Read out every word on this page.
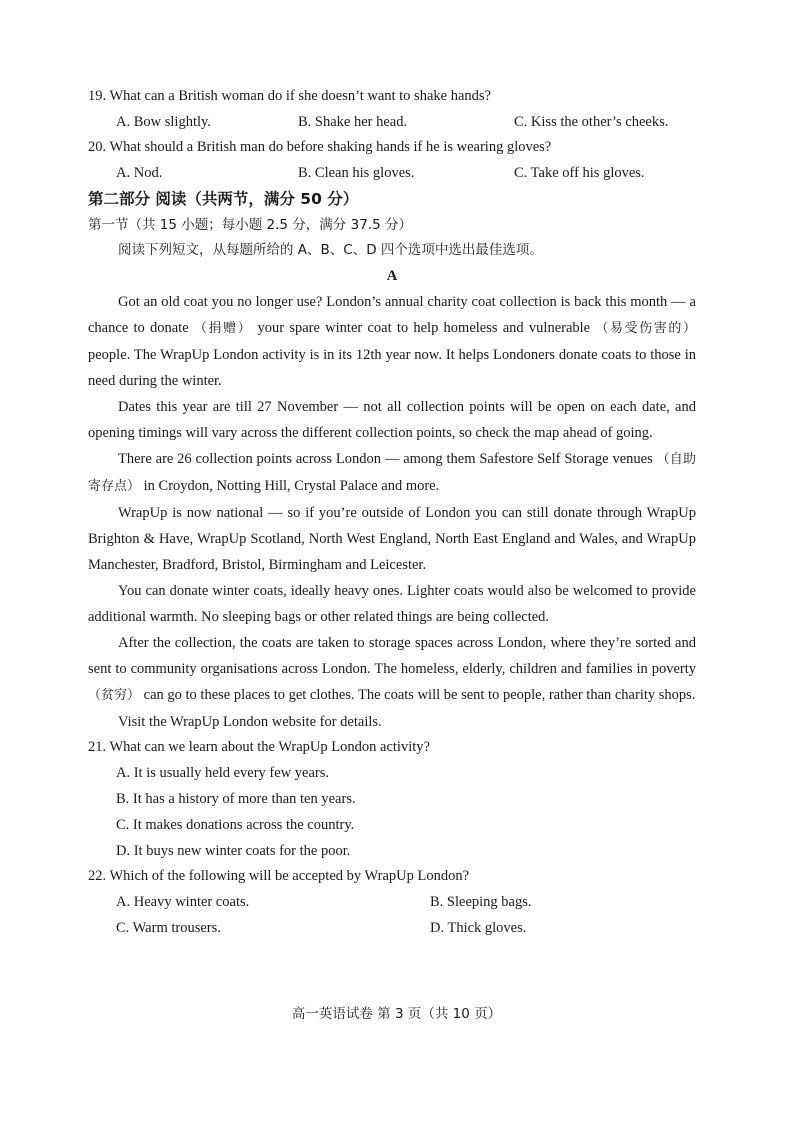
19. What can a British woman do if she doesn’t want to shake hands?
A. Bow slightly.	B. Shake her head.	C. Kiss the other’s cheeks.
20. What should a British man do before shaking hands if he is wearing gloves?
A. Nod.	B. Clean his gloves.	C. Take off his gloves.
第二部分 阅读（共两节，满分 50 分）
第一节（共 15 小题；每小题 2.5 分，满分 37.5 分）
阅读下列短文，从每题所给的 A、B、C、D 四个选项中选出最佳选项。
A

Got an old coat you no longer use? London’s annual charity coat collection is back this month — a chance to donate （捐赠） your spare winter coat to help homeless and vulnerable （易受伤害的） people. The WrapUp London activity is in its 12th year now. It helps Londoners donate coats to those in need during the winter.

Dates this year are till 27 November — not all collection points will be open on each date, and opening timings will vary across the different collection points, so check the map ahead of going.

There are 26 collection points across London — among them Safestore Self Storage venues （自助寄存点） in Croydon, Notting Hill, Crystal Palace and more.

WrapUp is now national — so if you’re outside of London you can still donate through WrapUp Brighton & Have, WrapUp Scotland, North West England, North East England and Wales, and WrapUp Manchester, Bradford, Bristol, Birmingham and Leicester.

You can donate winter coats, ideally heavy ones. Lighter coats would also be welcomed to provide additional warmth. No sleeping bags or other related things are being collected.

After the collection, the coats are taken to storage spaces across London, where they’re sorted and sent to community organisations across London. The homeless, elderly, children and families in poverty （贫穷） can go to these places to get clothes. The coats will be sent to people, rather than charity shops.

Visit the WrapUp London website for details.

21. What can we learn about the WrapUp London activity?
A. It is usually held every few years.
B. It has a history of more than ten years.
C. It makes donations across the country.
D. It buys new winter coats for the poor.
22. Which of the following will be accepted by WrapUp London?
A. Heavy winter coats.	B. Sleeping bags.
C. Warm trousers.	D. Thick gloves.
高一英语试卷 第 3 页（共 10 页）
